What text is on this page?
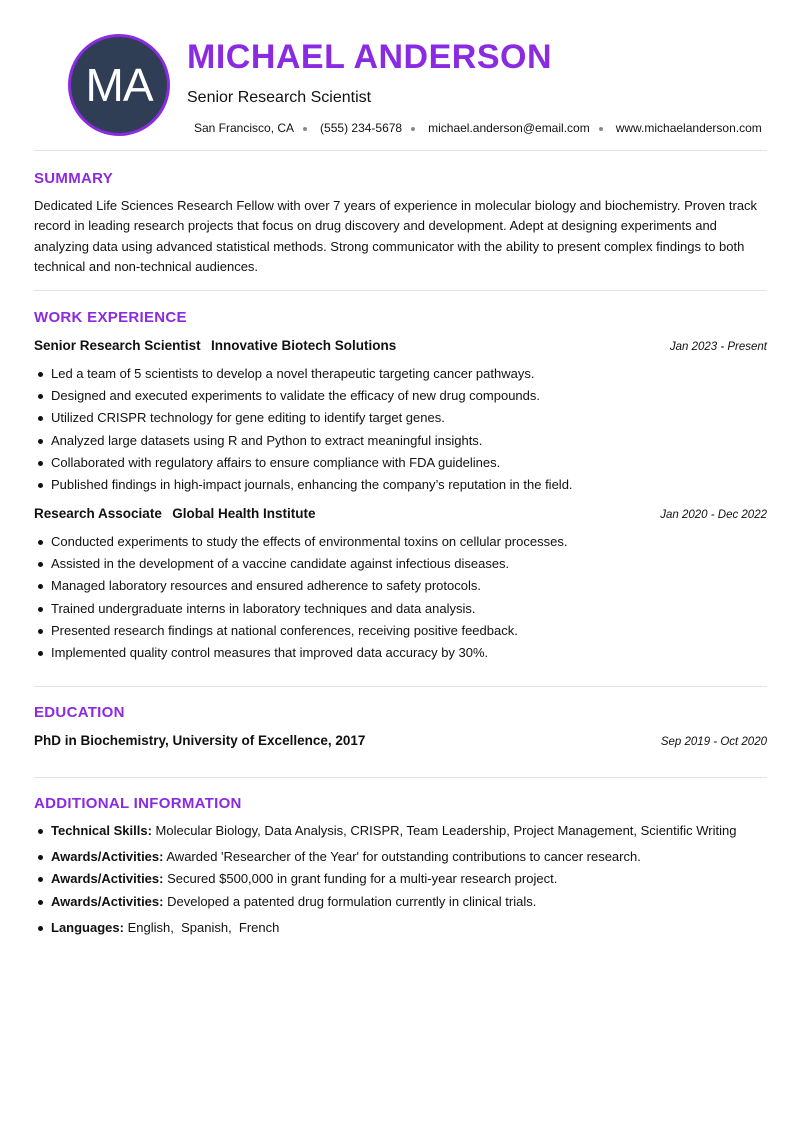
MA
MICHAEL ANDERSON

Senior Research Scientist

San Francisco, CA (555) 234-5678 michael.anderson@email.com www.michaelanderson.com
SUMMARY

Dedicated Life Sciences Research Fellow with over 7 years of experience in molecular biology and biochemistry. Proven track record in leading research projects that focus on drug discovery and development. Adept at designing experiments and analyzing data using advanced statistical methods. Strong communicator with the ability to present complex findings to both technical and non-technical audiences.

WORK EXPERIENCE
Senior Research Scientist Innovative Biotech Solutions	Jan 2023 - Present
Led a team of 5 scientists to develop a novel therapeutic targeting cancer pathways.
Designed and executed experiments to validate the efficacy of new drug compounds.
Utilized CRISPR technology for gene editing to identify target genes.
Analyzed large datasets using R and Python to extract meaningful insights.
Collaborated with regulatory affairs to ensure compliance with FDA guidelines.
Published findings in high-impact journals, enhancing the company’s reputation in the field.
Research Associate Global Health Institute	Jan 2020 - Dec 2022
Conducted experiments to study the effects of environmental toxins on cellular processes.
Assisted in the development of a vaccine candidate against infectious diseases.
Managed laboratory resources and ensured adherence to safety protocols.
Trained undergraduate interns in laboratory techniques and data analysis.
Presented research findings at national conferences, receiving positive feedback.
Implemented quality control measures that improved data accuracy by 30%.
EDUCATION
PhD in Biochemistry, University of Excellence, 2017	Sep 2019 - Oct 2020
ADDITIONAL INFORMATION
Technical Skills: Molecular Biology, Data Analysis, CRISPR, Team Leadership, Project Management, Scientific Writing
Awards/Activities: Awarded 'Researcher of the Year' for outstanding contributions to cancer research.
Awards/Activities: Secured $500,000 in grant funding for a multi-year research project.
Awards/Activities: Developed a patented drug formulation currently in clinical trials.
Languages: English,  Spanish,  French
